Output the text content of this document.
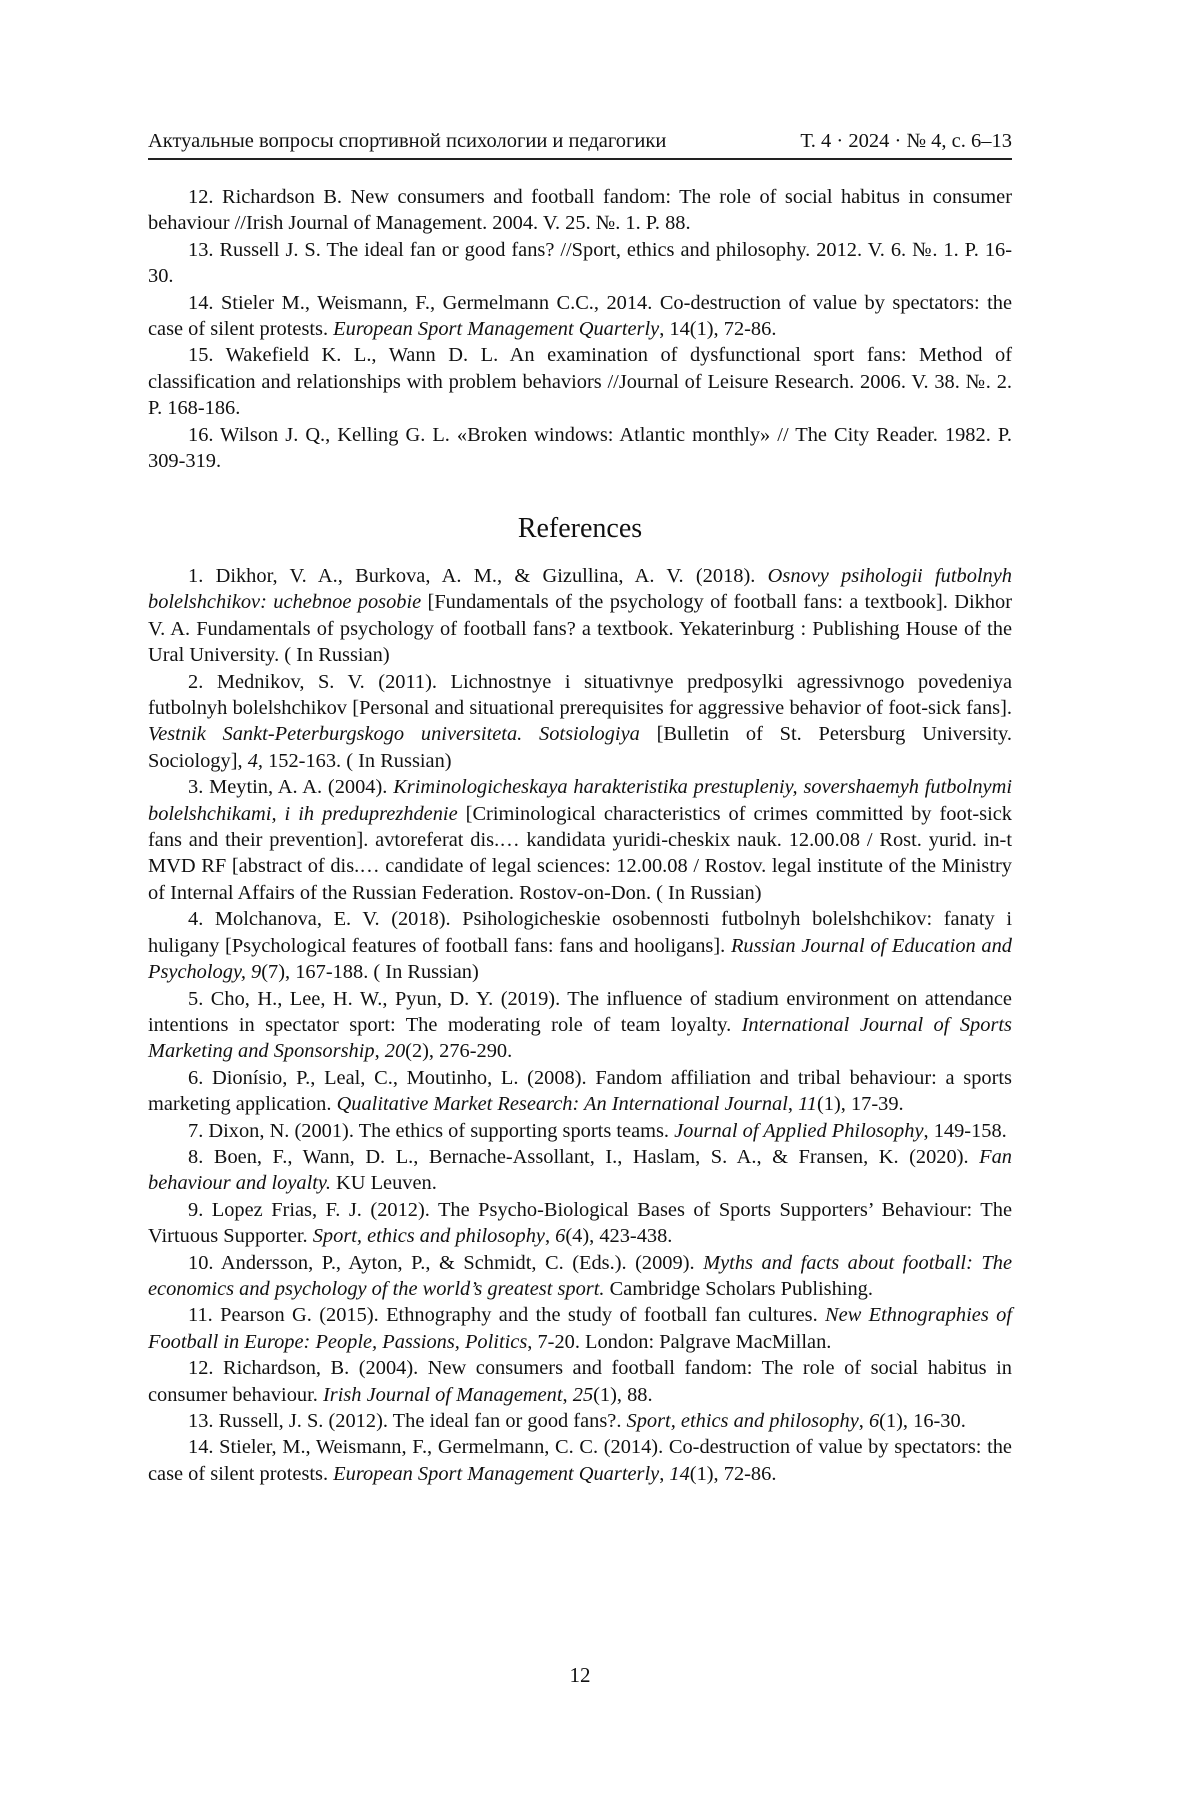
Актуальные вопросы спортивной психологии и педагогики	Т. 4 · 2024 · № 4, с. 6–13

12. Richardson B. New consumers and football fandom: The role of social habitus in consumer behaviour //Irish Journal of Management. 2004. V. 25. №. 1. P. 88.

13. Russell J. S. The ideal fan or good fans? //Sport, ethics and philosophy. 2012. V. 6. №. 1. P. 16-30.

14. Stieler M., Weismann, F., Germelmann C.C., 2014. Co-destruction of value by spectators: the case of silent protests. European Sport Management Quarterly, 14(1), 72-86.

15. Wakefield K. L., Wann D. L. An examination of dysfunctional sport fans: Method of classification and relationships with problem behaviors //Journal of Leisure Research. 2006. V. 38. №. 2. P. 168-186.

16. Wilson J. Q., Kelling G. L. «Broken windows: Atlantic monthly» // The City Reader. 1982. P. 309-319.

References

1. Dikhor, V. A., Burkova, A. M., & Gizullina, A. V. (2018). Osnovy psihologii futbolnyh bolelshchikov: uchebnoe posobie [Fundamentals of the psychology of football fans: a textbook]. Dikhor V. A. Fundamentals of psychology of football fans? a textbook. Yekaterinburg : Publishing House of the Ural University. ( In Russian)

2. Mednikov, S. V. (2011). Lichnostnye i situativnye predposylki agressivnogo povedeniya futbolnyh bolelshchikov [Personal and situational prerequisites for aggressive behavior of foot-sick fans]. Vestnik Sankt-Peterburgskogo universiteta. Sotsiologiya [Bulletin of St. Petersburg University. Sociology], 4, 152-163. ( In Russian)

3. Meytin, A. A. (2004). Kriminologicheskaya harakteristika prestupleniy, sovershaemyh futbolnymi bolelshchikami, i ih preduprezhdenie [Criminological characteristics of crimes committed by foot-sick fans and their prevention]. avtoreferat dis.… kandidata yuridi-cheskix nauk. 12.00.08 / Rost. yurid. in-t MVD RF [abstract of dis.… candidate of legal sciences: 12.00.08 / Rostov. legal institute of the Ministry of Internal Affairs of the Russian Federation. Rostov-on-Don. ( In Russian)

4. Molchanova, E. V. (2018). Psihologicheskie osobennosti futbolnyh bolelshchikov: fanaty i huligany [Psychological features of football fans: fans and hooligans]. Russian Journal of Education and Psychology, 9(7), 167-188. ( In Russian)

5. Cho, H., Lee, H. W., Pyun, D. Y. (2019). The influence of stadium environment on attendance intentions in spectator sport: The moderating role of team loyalty. International Journal of Sports Marketing and Sponsorship, 20(2), 276-290.

6. Dionísio, P., Leal, C., Moutinho, L. (2008). Fandom affiliation and tribal behaviour: a sports marketing application. Qualitative Market Research: An International Journal, 11(1), 17-39.

7. Dixon, N. (2001). The ethics of supporting sports teams. Journal of Applied Philosophy, 149-158.

8. Boen, F., Wann, D. L., Bernache-Assollant, I., Haslam, S. A., & Fransen, K. (2020). Fan behaviour and loyalty. KU Leuven.

9. Lopez Frias, F. J. (2012). The Psycho-Biological Bases of Sports Supporters’ Behaviour: The Virtuous Supporter. Sport, ethics and philosophy, 6(4), 423-438.

10. Andersson, P., Ayton, P., & Schmidt, C. (Eds.). (2009). Myths and facts about football: The economics and psychology of the world’s greatest sport. Cambridge Scholars Publishing.

11. Pearson G. (2015). Ethnography and the study of football fan cultures. New Ethnographies of Football in Europe: People, Passions, Politics, 7-20. London: Palgrave MacMillan.

12. Richardson, B. (2004). New consumers and football fandom: The role of social habitus in consumer behaviour. Irish Journal of Management, 25(1), 88.

13. Russell, J. S. (2012). The ideal fan or good fans?. Sport, ethics and philosophy, 6(1), 16-30.

14. Stieler, M., Weismann, F., Germelmann, C. C. (2014). Co-destruction of value by spectators: the case of silent protests. European Sport Management Quarterly, 14(1), 72-86.

12
